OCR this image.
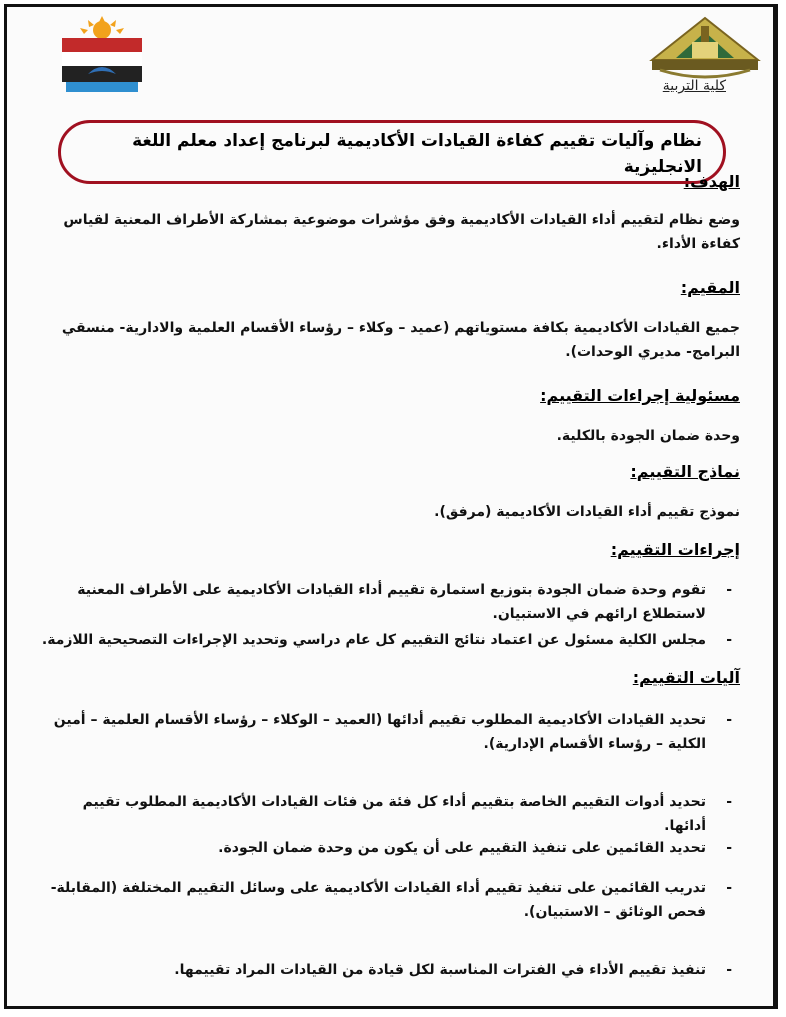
كلية التربية
نظام وآليات تقييم كفاءة القيادات الأكاديمية لبرنامج إعداد معلم اللغة الانجليزية
الهدف:
وضع نظام لتقييم أداء القيادات الأكاديمية وفق مؤشرات موضوعية بمشاركة الأطراف المعنية لقياس كفاءة الأداء.
المقيم:
جميع القيادات الأكاديمية بكافة مستوياتهم (عميد – وكلاء – رؤساء الأقسام العلمية والادارية- منسقي البرامج- مديري الوحدات).
مسئولية إجراءات التقييم:
وحدة ضمان الجودة بالكلية.
نماذج التقييم:
نموذج تقييم أداء القيادات الأكاديمية (مرفق).
إجراءات التقييم:
-
تقوم وحدة ضمان الجودة بتوزيع استمارة تقييم أداء القيادات الأكاديمية على الأطراف المعنية لاستطلاع ارائهم في الاستبيان.
-
مجلس الكلية مسئول عن اعتماد نتائج التقييم كل عام دراسي وتحديد الإجراءات التصحيحية اللازمة.
آليات التقييم:
-
تحديد القيادات الأكاديمية المطلوب تقييم أدائها (العميد – الوكلاء – رؤساء الأقسام العلمية – أمين الكلية – رؤساء الأقسام الإدارية).
-
تحديد أدوات التقييم الخاصة بتقييم أداء كل فئة من فئات القيادات الأكاديمية المطلوب تقييم أدائها.
-
تحديد القائمين على تنفيذ التقييم على أن يكون من وحدة ضمان الجودة.
-
تدريب القائمين على تنفيذ تقييم أداء القيادات الأكاديمية على وسائل التقييم المختلفة (المقابلة- فحص الوثائق – الاستبيان).
-
تنفيذ تقييم الأداء في الفترات المناسبة لكل قيادة من القيادات المراد تقييمها.
